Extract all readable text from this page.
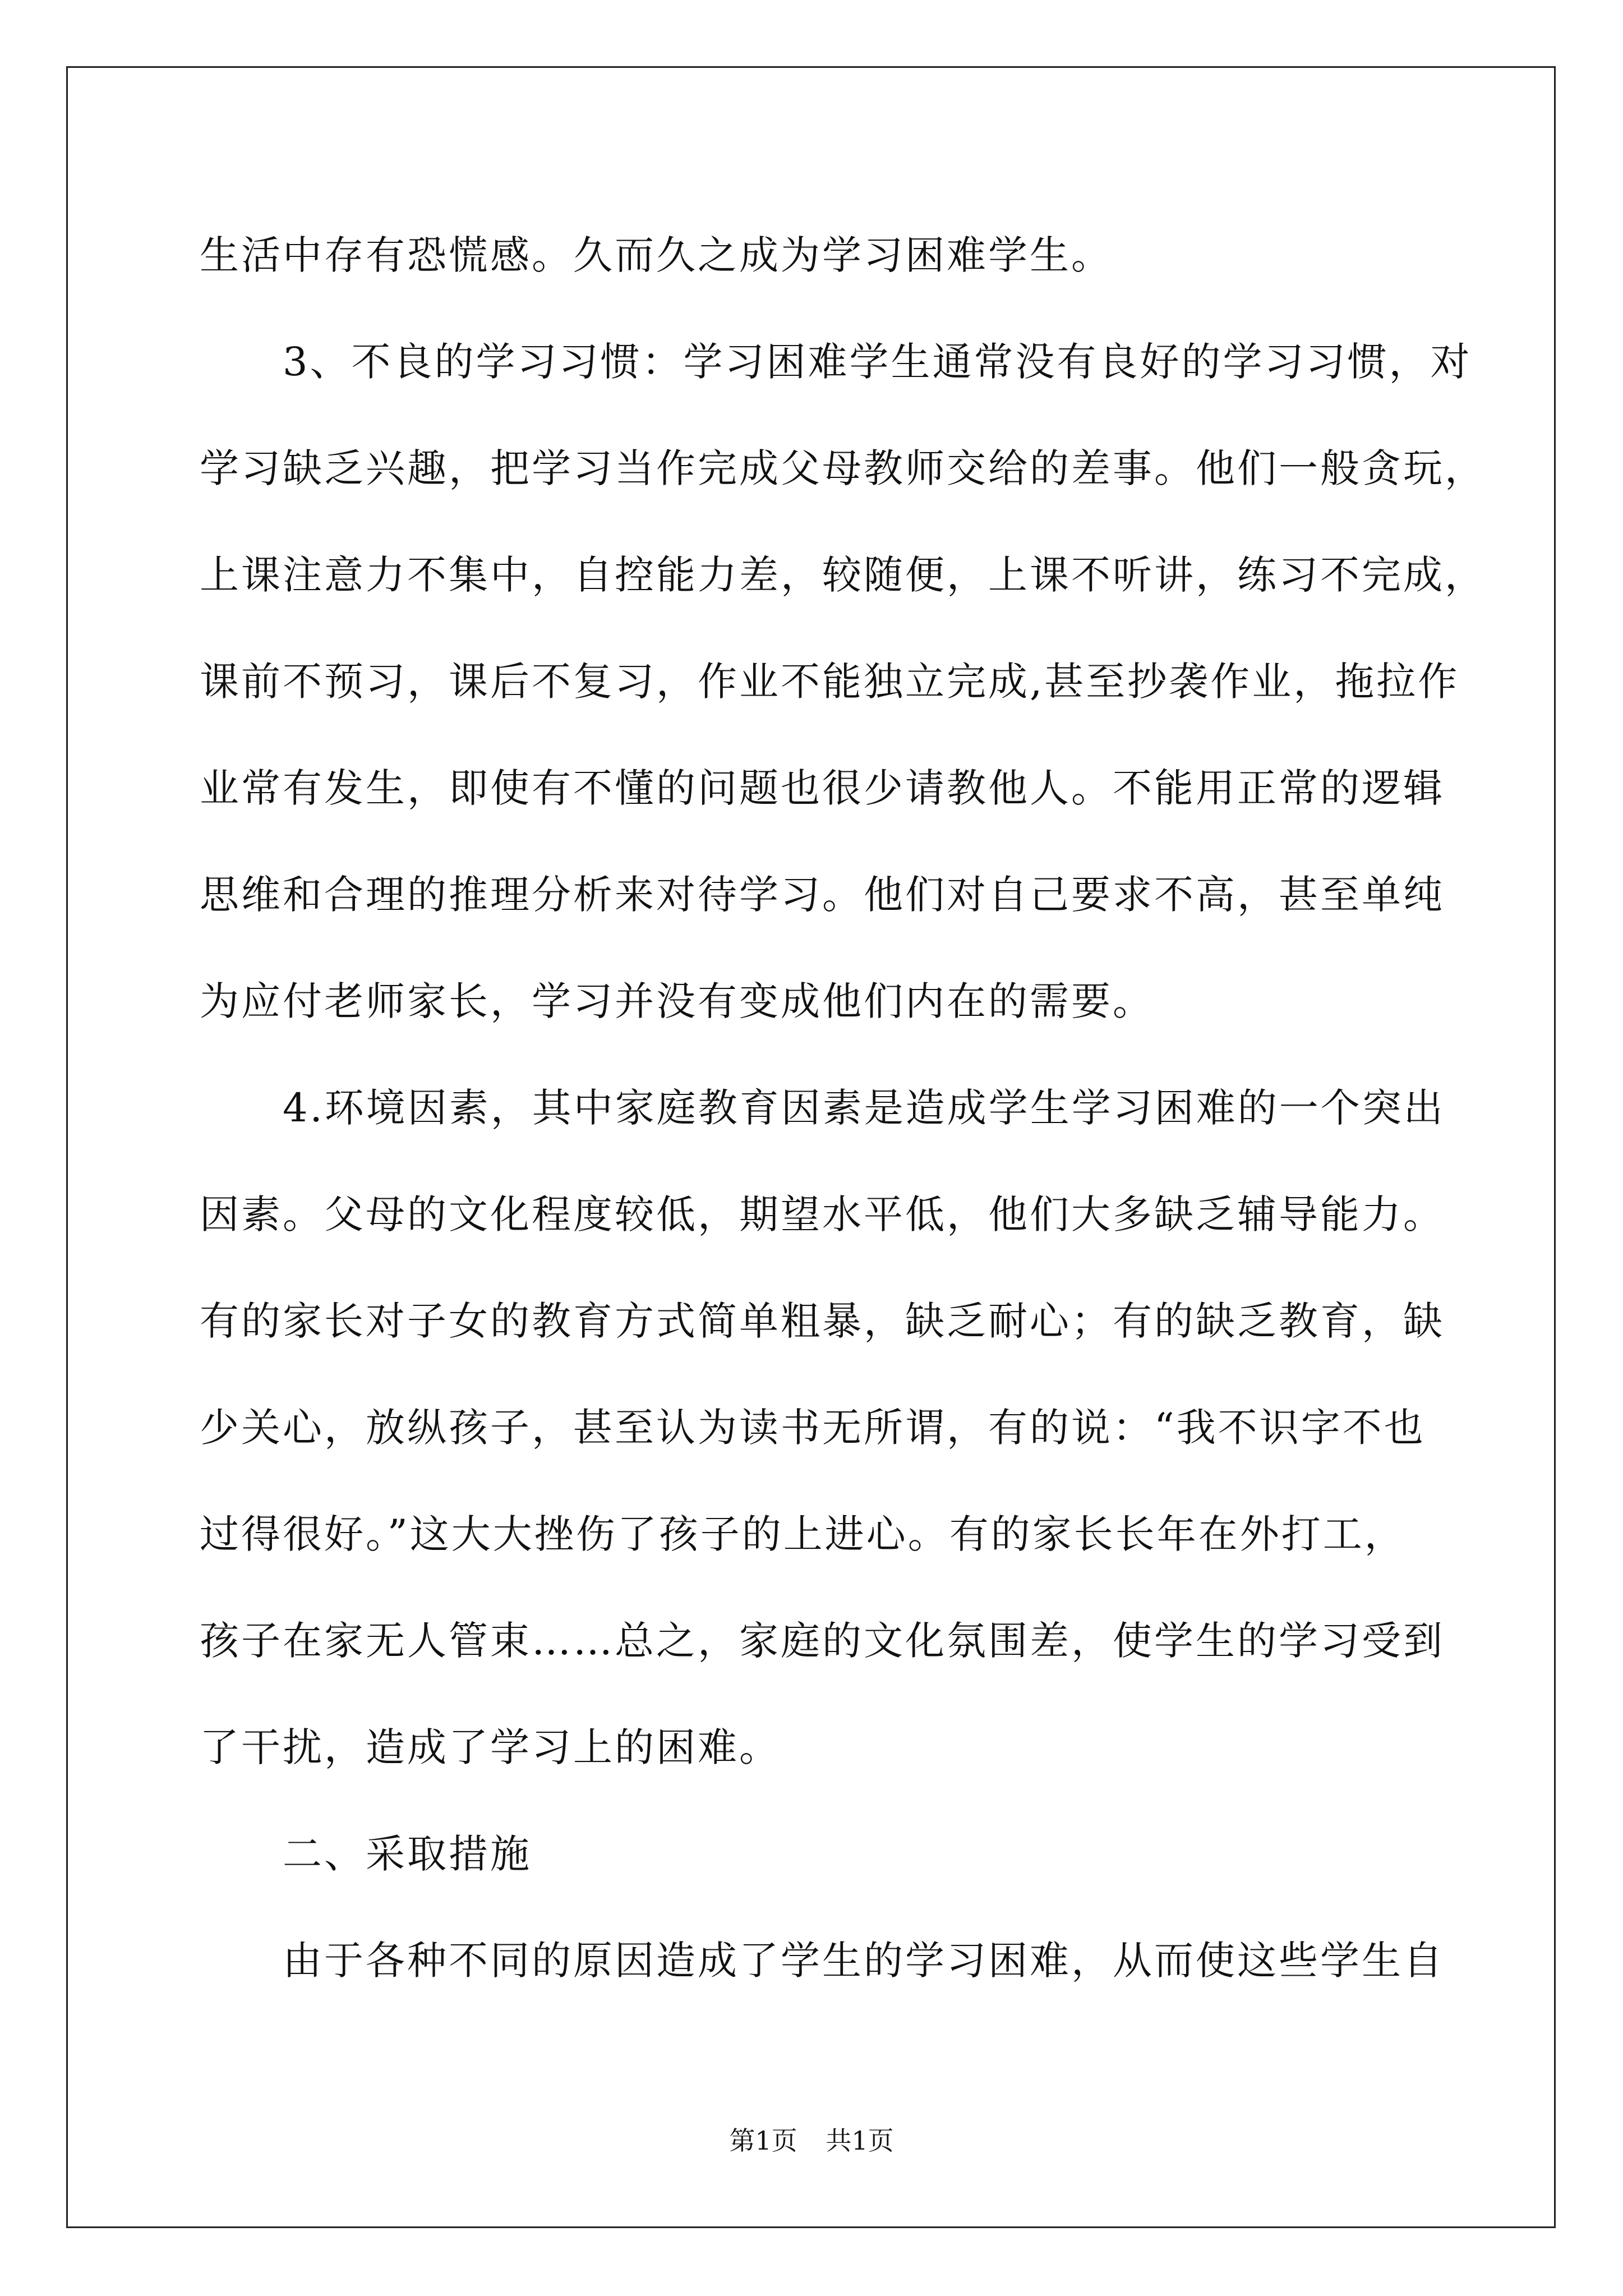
生活中存有恐慌感。久而久之成为学习困难学生。
　　3、不良的学习习惯：学习困难学生通常没有良好的学习习惯，对
学习缺乏兴趣，把学习当作完成父母教师交给的差事。他们一般贪玩，
上课注意力不集中，自控能力差，较随便，上课不听讲，练习不完成，
课前不预习，课后不复习，作业不能独立完成,甚至抄袭作业，拖拉作
业常有发生，即使有不懂的问题也很少请教他人。不能用正常的逻辑
思维和合理的推理分析来对待学习。他们对自己要求不高，甚至单纯
为应付老师家长，学习并没有变成他们内在的需要。
　　4.环境因素，其中家庭教育因素是造成学生学习困难的一个突出
因素。父母的文化程度较低，期望水平低，他们大多缺乏辅导能力。
有的家长对子女的教育方式简单粗暴，缺乏耐心；有的缺乏教育，缺
少关心，放纵孩子，甚至认为读书无所谓，有的说：“我不识字不也
过得很好。”这大大挫伤了孩子的上进心。有的家长长年在外打工，
孩子在家无人管束……总之，家庭的文化氛围差，使学生的学习受到
了干扰，造成了学习上的困难。
　　二、采取措施
　　由于各种不同的原因造成了学生的学习困难，从而使这些学生自
第1页 共1页
